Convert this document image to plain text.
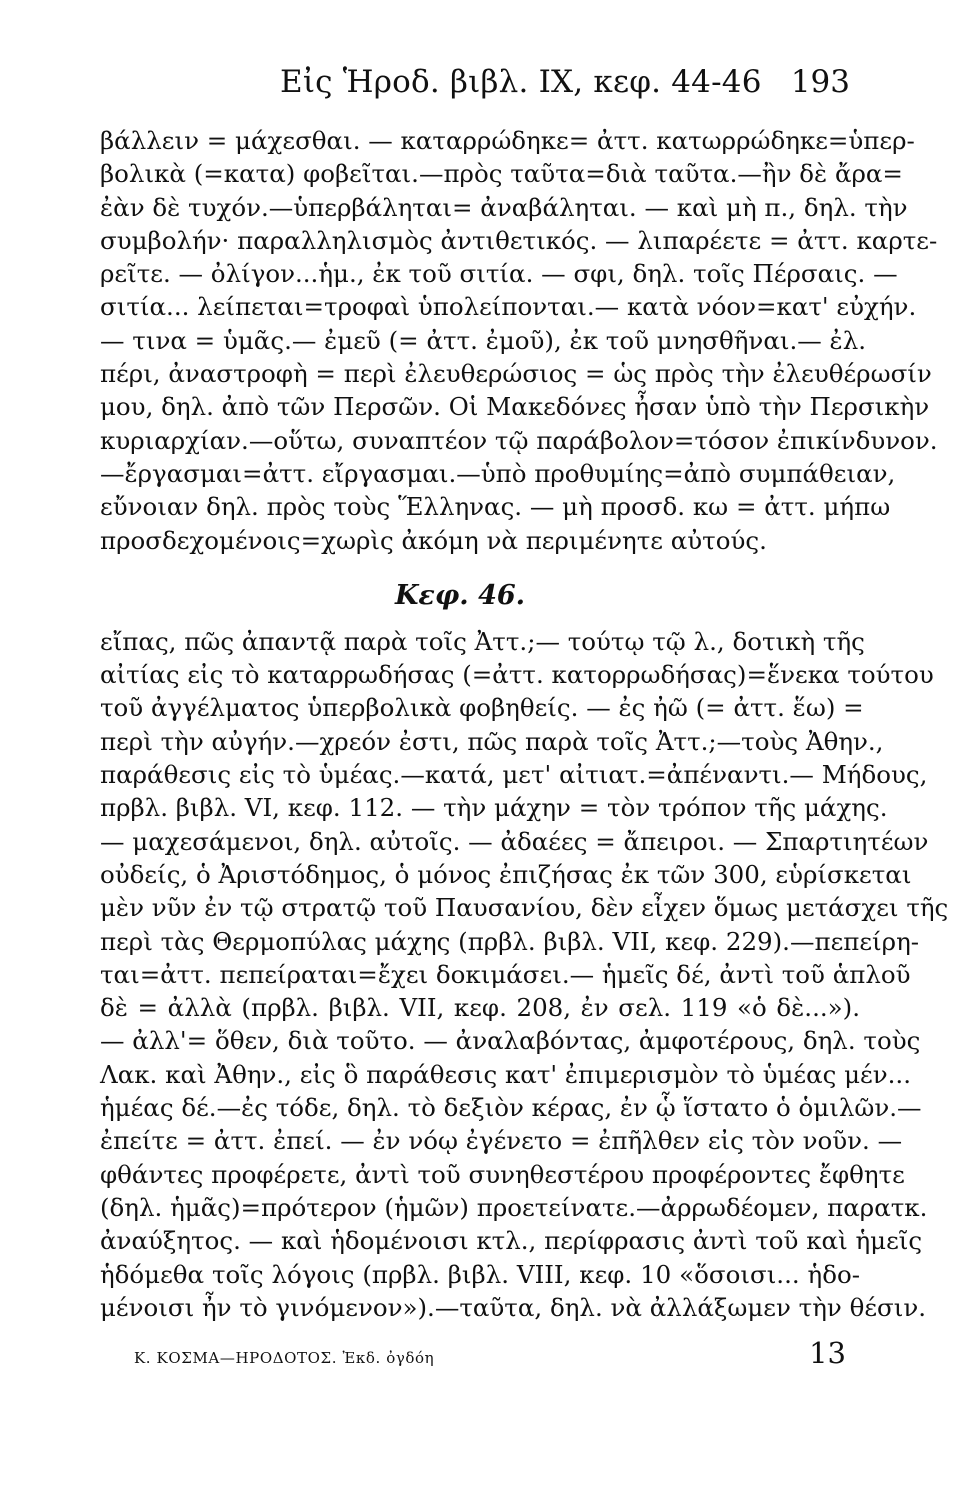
Εἰς Ἡροδ. βιβλ. IX, κεφ. 44-46 193
βάλλειν = μάχεσθαι. — καταρρώδηκε= ἀττ. κατωρρώδηκε=ὑπερ-
βολικὰ (=κατα) φοβεῖται.—πρὸς ταῦτα=διὰ ταῦτα.—ἢν δὲ ἄρα=
ἐὰν δὲ τυχόν.—ὑπερβάληται= ἀναβάληται. — καὶ μὴ π., δηλ. τὴν
συμβολήν· παραλληλισμὸς ἀντιθετικός. — λιπαρέετε = ἀττ. καρτε-
ρεῖτε. — ὀλίγον...ἡμ., ἐκ τοῦ σιτία. — σφι, δηλ. τοῖς Πέρσαις. —
σιτία... λείπεται=τροφαὶ ὑπολείπονται.— κατὰ νόον=κατ' εὐχήν.
— τινα = ὑμᾶς.— ἐμεῦ (= ἀττ. ἐμοῦ), ἐκ τοῦ μνησθῆναι.— ἐλ.
πέρι, ἀναστροφὴ = περὶ ἐλευθερώσιος = ὡς πρὸς τὴν ἐλευθέρωσίν
μου, δηλ. ἀπὸ τῶν Περσῶν. Οἱ Μακεδόνες ἦσαν ὑπὸ τὴν Περσικὴν
κυριαρχίαν.—οὕτω, συναπτέον τῷ παράβολον=τόσον ἐπικίνδυνον.
—ἔργασμαι=ἀττ. εἴργασμαι.—ὑπὸ προθυμίης=ἀπὸ συμπάθειαν,
εὔνοιαν δηλ. πρὸς τοὺς Ἕλληνας. — μὴ προσδ. κω = ἀττ. μήπω
προσδεχομένοις=χωρὶς ἀκόμη νὰ περιμένητε αὐτούς.
Κεφ. 46.
εἴπας, πῶς ἀπαντᾷ παρὰ τοῖς Ἀττ.;— τούτῳ τῷ λ., δοτικὴ τῆς
αἰτίας εἰς τὸ καταρρωδήσας (=ἀττ. κατορρωδήσας)=ἕνεκα τούτου
τοῦ ἀγγέλματος ὑπερβολικὰ φοβηθείς. — ἐς ἠῶ (= ἀττ. ἕω) =
περὶ τὴν αὐγήν.—χρεόν ἐστι, πῶς παρὰ τοῖς Ἀττ.;—τοὺς Ἀθην.,
παράθεσις εἰς τὸ ὑμέας.—κατά, μετ' αἰτιατ.=ἀπέναντι.— Μήδους,
πρβλ. βιβλ. VI, κεφ. 112. — τὴν μάχην = τὸν τρόπον τῆς μάχης.
— μαχεσάμενοι, δηλ. αὐτοῖς. — ἀδαέες = ἄπειροι. — Σπαρτιητέων
οὐδείς, ὁ Ἀριστόδημος, ὁ μόνος ἐπιζήσας ἐκ τῶν 300, εὑρίσκεται
μὲν νῦν ἐν τῷ στρατῷ τοῦ Παυσανίου, δὲν εἶχεν ὅμως μετάσχει τῆς
περὶ τὰς Θερμοπύλας μάχης (πρβλ. βιβλ. VII, κεφ. 229).—πεπείρη-
ται=ἀττ. πεπείραται=ἔχει δοκιμάσει.— ἡμεῖς δέ, ἀντὶ τοῦ ἁπλοῦ
δὲ = ἀλλὰ (πρβλ. βιβλ. VII, κεφ. 208, ἐν σελ. 119 «ὁ δὲ...»).
— ἀλλ'= ὅθεν, διὰ τοῦτο. — ἀναλαβόντας, ἀμφοτέρους, δηλ. τοὺς
Λακ. καὶ Ἀθην., εἰς ὃ παράθεσις κατ' ἐπιμερισμὸν τὸ ὑμέας μέν...
ἡμέας δέ.—ἐς τόδε, δηλ. τὸ δεξιὸν κέρας, ἐν ᾧ ἵστατο ὁ ὁμιλῶν.—
ἐπείτε = ἀττ. ἐπεί. — ἐν νόῳ ἐγένετο = ἐπῆλθεν εἰς τὸν νοῦν. —
φθάντες προφέρετε, ἀντὶ τοῦ συνηθεστέρου προφέροντες ἔφθητε
(δηλ. ἡμᾶς)=πρότερον (ἡμῶν) προετείνατε.—ἀρρωδέομεν, παρατκ.
ἀναύξητος. — καὶ ἡδομένοισι κτλ., περίφρασις ἀντὶ τοῦ καὶ ἡμεῖς
ἡδόμεθα τοῖς λόγοις (πρβλ. βιβλ. VIII, κεφ. 10 «ὅσοισι... ἡδο-
μένοισι ἦν τὸ γινόμενον»).—ταῦτα, δηλ. νὰ ἀλλάξωμεν τὴν θέσιν.
Κ. ΚΟΣΜΑ—ΗΡΟΔΟΤΟΣ. Ἐκδ. ὀγδόη	13
